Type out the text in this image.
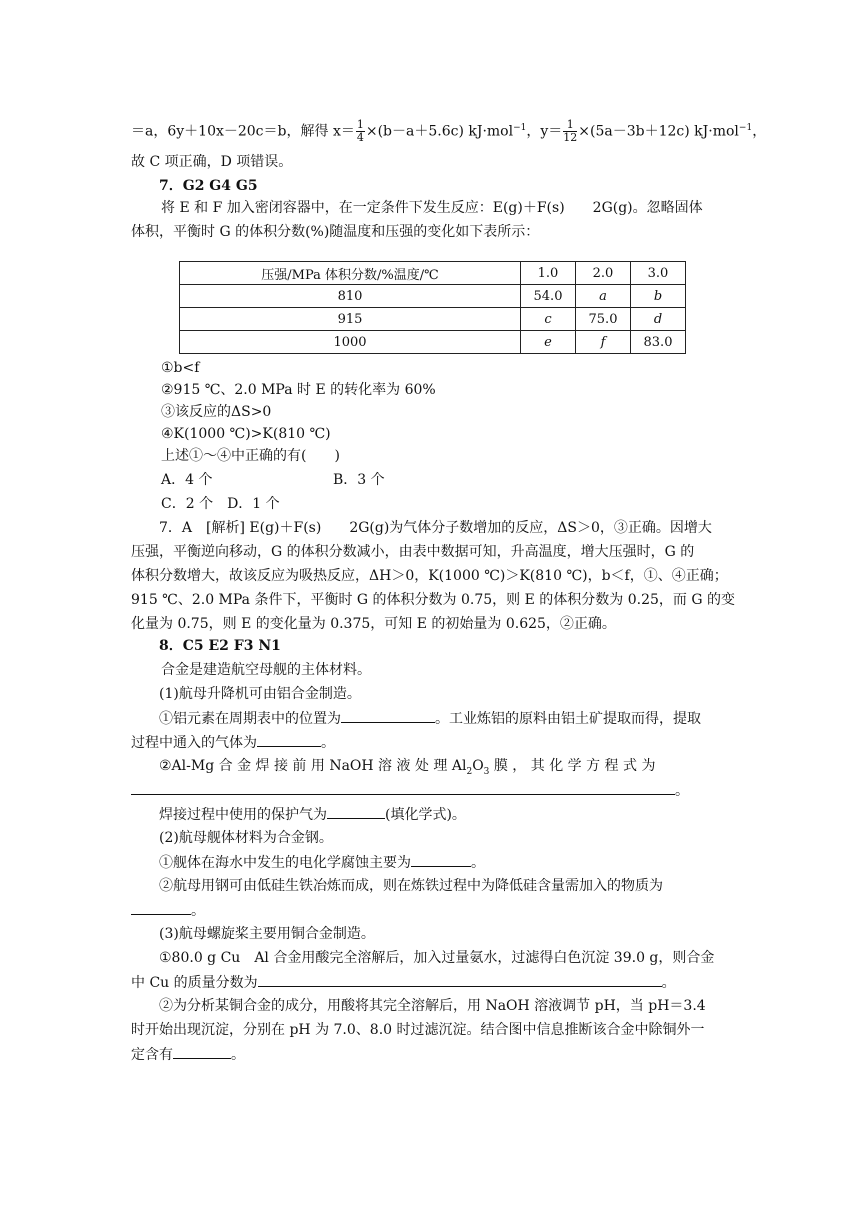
＝a，6y＋10x－20c＝b，解得 $x= \frac{1}{4} \times(b-a+5.6c)$ kJ·mol$^{-1}$，$y= \frac{1}{12} \times(5a-3b+12c)$ kJ·mol$^{-1}$，
故 C 项正确，D 项错误。
7．G2 G4 G5
将 E 和 F 加入密闭容器中，在一定条件下发生反应：E(g)＋F(s)　　2G(g)。忽略固体
体积，平衡时 G 的体积分数(%)随温度和压强的变化如下表所示：
压强/MPa 体积分数/%温度/℃	1.0	2.0	3.0
810	54.0	a	b
915	c	75.0	d
1000	e	f	83.0
①b<f
②915 ℃、2.0 MPa 时 E 的转化率为 60%
③该反应的ΔS>0
④K(1000 ℃)>K(810 ℃)
上述①～④中正确的有(　　)
A．4 个	B．3 个
C．2 个　D．1 个
7．A　[解析] E(g)＋F(s)　　2G(g)为气体分子数增加的反应，ΔS＞0，③正确。因增大
压强，平衡逆向移动，G 的体积分数减小，由表中数据可知，升高温度，增大压强时，G 的
体积分数增大，故该反应为吸热反应，ΔH＞0，K(1000 ℃)＞K(810 ℃)，b＜f，①、④正确；
915 ℃、2.0 MPa 条件下，平衡时 G 的体积分数为 0.75，则 E 的体积分数为 0.25，而 G 的变
化量为 0.75，则 E 的变化量为 0.375，可知 E 的初始量为 0.625，②正确。
8．C5 E2 F3 N1
合金是建造航空母舰的主体材料。
(1)航母升降机可由铝合金制造。
①铝元素在周期表中的位置为	。工业炼铝的原料由铝土矿提取而得，提取
过程中通入的气体为	。
②Al-Mg 合 金 焊 接 前 用 NaOH 溶 液 处 理 $Al_2O_3$ 膜 ， 其 化 学 方 程 式 为
。
焊接过程中使用的保护气为	(填化学式)。
(2)航母舰体材料为合金钢。
①舰体在海水中发生的电化学腐蚀主要为	。
②航母用钢可由低硅生铁冶炼而成，则在炼铁过程中为降低硅含量需加入的物质为
。
(3)航母螺旋桨主要用铜合金制造。
①80.0 g Cu　Al 合金用酸完全溶解后，加入过量氨水，过滤得白色沉淀 39.0 g，则合金
中 Cu 的质量分数为	。
②为分析某铜合金的成分，用酸将其完全溶解后，用 NaOH 溶液调节 pH，当 pH＝3.4
时开始出现沉淀，分别在 pH 为 7.0、8.0 时过滤沉淀。结合图中信息推断该合金中除铜外一
定含有	。
